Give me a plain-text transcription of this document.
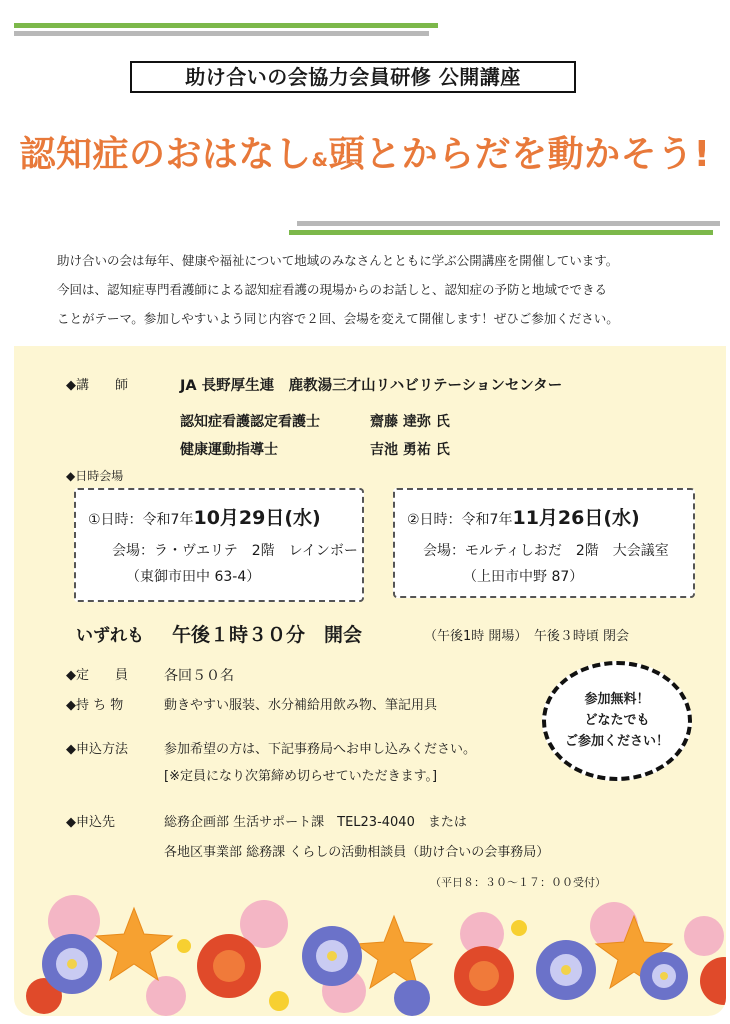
助け合いの会協力会員研修 公開講座
認知症のおはなし&頭とからだを動かそう!

助け合いの会は毎年、健康や福祉について地域のみなさんとともに学ぶ公開講座を開催しています。

今回は、認知症専門看護師による認知症看護の現場からのお話しと、認知症の予防と地域でできる

ことがテーマ。参加しやすいよう同じ内容で２回、会場を変えて開催します！ぜひご参加ください。

◆講　　師	JA 長野厚生連　鹿教湯三才山リハビリテーションセンター
認知症看護認定看護士	齋藤 達弥 氏
健康運動指導士	吉池 勇祐 氏
◆日時会場
①日時：令和7年10月29日(水)
会場：ラ・ヴエリテ　2階　レインボー
（東御市田中 63-4）
②日時：令和7年11月26日(水)
会場：モルティしおだ　2階　大会議室
（上田市中野 87）
いずれも 午後１時３０分　開会	（午後1時 開場）　午後３時頃 閉会
◆定　　員	各回５０名
◆持 ち 物	動きやすい服装、水分補給用飲み物、筆記用具
◆申込方法	参加希望の方は、下記事務局へお申し込みください。
[※定員になり次第締め切らせていただきます。]
◆申込先	総務企画部 生活サポート課　TEL23-4040　または
各地区事業部 総務課 くらしの活動相談員（助け合いの会事務局）
（平日８：３０～１７：００受付）
参加無料！
どなたでも
ご参加ください！
